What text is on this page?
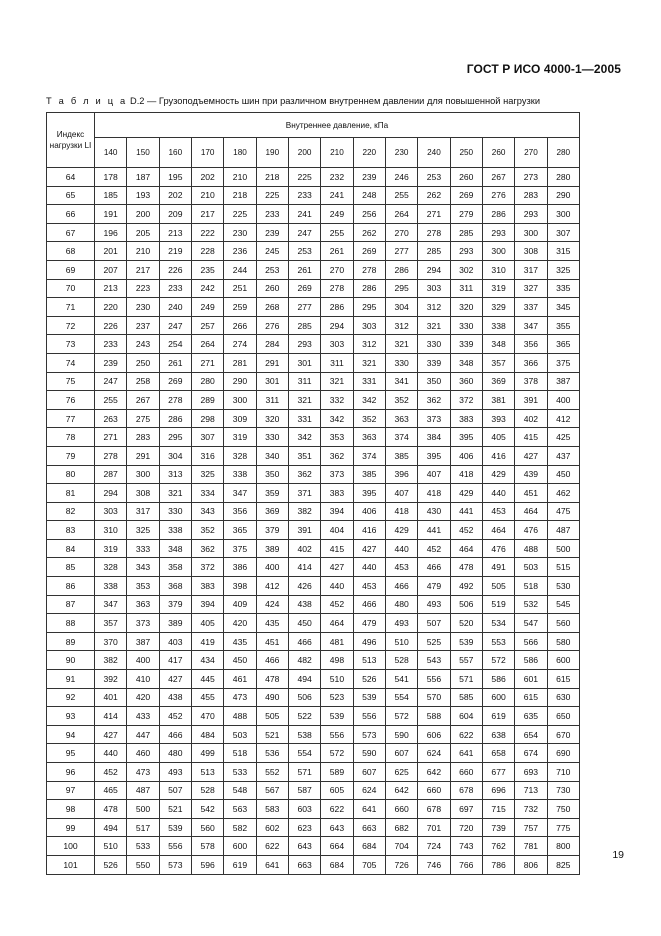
ГОСТ Р ИСО 4000-1—2005
Т а б л и ц а D.2 — Грузоподъемность шин при различном внутреннем давлении для повышенной нагрузки
Индекс нагрузки LI	Внутреннее давление, кПа														
	140	150	160	170	180	190	200	210	220	230	240	250	260	270	280
64	178	187	195	202	210	218	225	232	239	246	253	260	267	273	280
65	185	193	202	210	218	225	233	241	248	255	262	269	276	283	290
66	191	200	209	217	225	233	241	249	256	264	271	279	286	293	300
67	196	205	213	222	230	239	247	255	262	270	278	285	293	300	307
68	201	210	219	228	236	245	253	261	269	277	285	293	300	308	315
69	207	217	226	235	244	253	261	270	278	286	294	302	310	317	325
70	213	223	233	242	251	260	269	278	286	295	303	311	319	327	335
71	220	230	240	249	259	268	277	286	295	304	312	320	329	337	345
72	226	237	247	257	266	276	285	294	303	312	321	330	338	347	355
73	233	243	254	264	274	284	293	303	312	321	330	339	348	356	365
74	239	250	261	271	281	291	301	311	321	330	339	348	357	366	375
75	247	258	269	280	290	301	311	321	331	341	350	360	369	378	387
76	255	267	278	289	300	311	321	332	342	352	362	372	381	391	400
77	263	275	286	298	309	320	331	342	352	363	373	383	393	402	412
78	271	283	295	307	319	330	342	353	363	374	384	395	405	415	425
79	278	291	304	316	328	340	351	362	374	385	395	406	416	427	437
80	287	300	313	325	338	350	362	373	385	396	407	418	429	439	450
81	294	308	321	334	347	359	371	383	395	407	418	429	440	451	462
82	303	317	330	343	356	369	382	394	406	418	430	441	453	464	475
83	310	325	338	352	365	379	391	404	416	429	441	452	464	476	487
84	319	333	348	362	375	389	402	415	427	440	452	464	476	488	500
85	328	343	358	372	386	400	414	427	440	453	466	478	491	503	515
86	338	353	368	383	398	412	426	440	453	466	479	492	505	518	530
87	347	363	379	394	409	424	438	452	466	480	493	506	519	532	545
88	357	373	389	405	420	435	450	464	479	493	507	520	534	547	560
89	370	387	403	419	435	451	466	481	496	510	525	539	553	566	580
90	382	400	417	434	450	466	482	498	513	528	543	557	572	586	600
91	392	410	427	445	461	478	494	510	526	541	556	571	586	601	615
92	401	420	438	455	473	490	506	523	539	554	570	585	600	615	630
93	414	433	452	470	488	505	522	539	556	572	588	604	619	635	650
94	427	447	466	484	503	521	538	556	573	590	606	622	638	654	670
95	440	460	480	499	518	536	554	572	590	607	624	641	658	674	690
96	452	473	493	513	533	552	571	589	607	625	642	660	677	693	710
97	465	487	507	528	548	567	587	605	624	642	660	678	696	713	730
98	478	500	521	542	563	583	603	622	641	660	678	697	715	732	750
99	494	517	539	560	582	602	623	643	663	682	701	720	739	757	775
100	510	533	556	578	600	622	643	664	684	704	724	743	762	781	800
101	526	550	573	596	619	641	663	684	705	726	746	766	786	806	825
19
